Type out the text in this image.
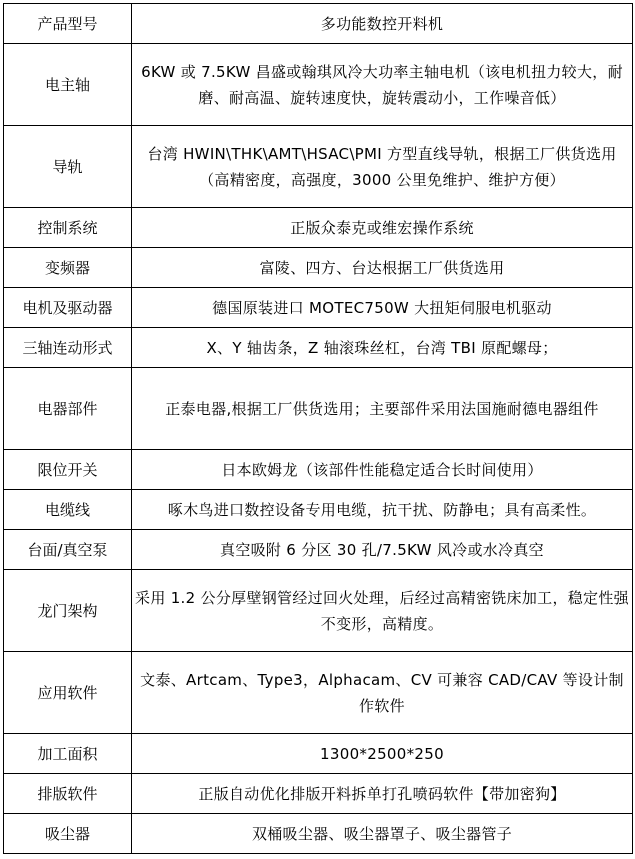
产品型号	多功能数控开料机
电主轴	6KW 或 7.5KW 昌盛或翰琪风冷大功率主轴电机（该电机扭力较大，耐磨、耐高温、旋转速度快，旋转震动小，工作噪音低）
导轨	台湾 HWIN\THK\AMT\HSAC\PMI 方型直线导轨，根据工厂供货选用 （高精密度，高强度，3000 公里免维护、维护方便）
控制系统	正版众泰克或维宏操作系统
变频器	富陵、四方、台达根据工厂供货选用
电机及驱动器	德国原装进口 MOTEC750W 大扭矩伺服电机驱动
三轴连动形式	X、Y 轴齿条，Z 轴滚珠丝杠，台湾 TBI 原配螺母；
电器部件	正泰电器,根据工厂供货选用；主要部件采用法国施耐德电器组件
限位开关	日本欧姆龙（该部件性能稳定适合长时间使用）
电缆线	啄木鸟进口数控设备专用电缆，抗干扰、防静电；具有高柔性。
台面/真空泵	真空吸附 6 分区 30 孔/7.5KW 风冷或水冷真空
龙门架构	采用 1.2 公分厚壁钢管经过回火处理，后经过高精密铣床加工，稳定性强不变形，高精度。
应用软件	文泰、Artcam、Type3，Alphacam、CV 可兼容 CAD/CAV 等设计制作软件
加工面积	1300*2500*250
排版软件	正版自动优化排版开料拆单打孔喷码软件【带加密狗】
吸尘器	双桶吸尘器、吸尘器罩子、吸尘器管子
